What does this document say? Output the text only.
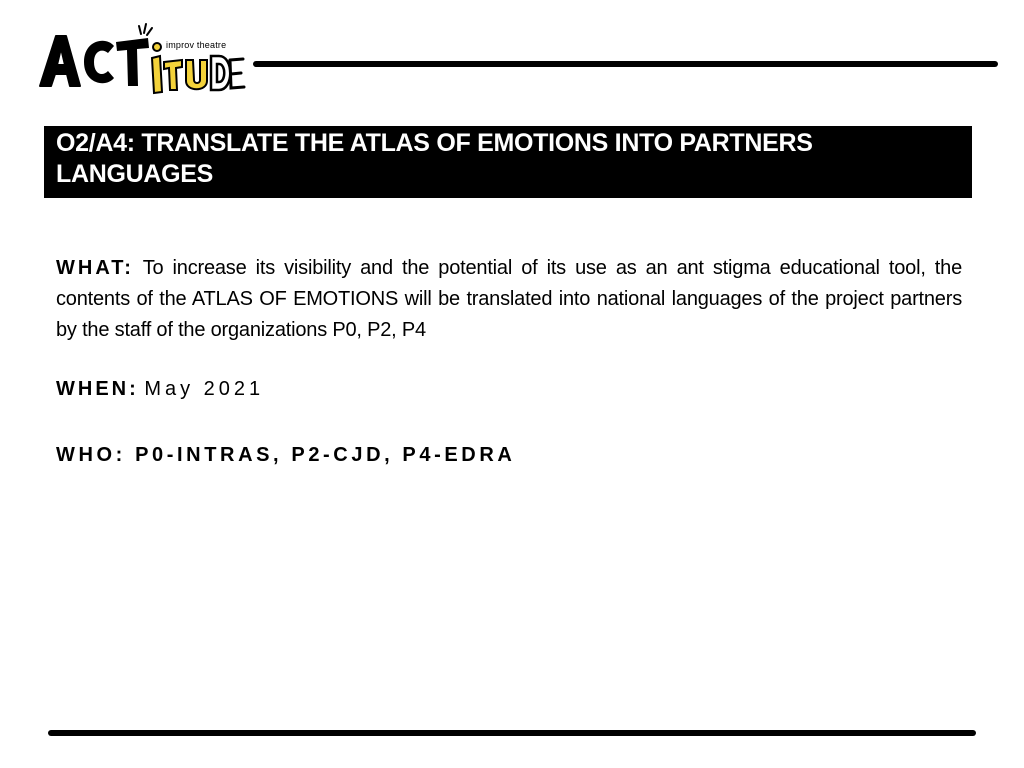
improv theatre
O2/A4: TRANSLATE THE ATLAS OF EMOTIONS INTO PARTNERS LANGUAGES

WHAT: To increase its visibility and the potential of its use as an ant stigma educational tool, the contents of the ATLAS OF EMOTIONS will be translated into national languages of the project partners by the staff of the organizations P0, P2, P4

WHEN: May 2021
WHO: P0-INTRAS, P2-CJD, P4-EDRA
